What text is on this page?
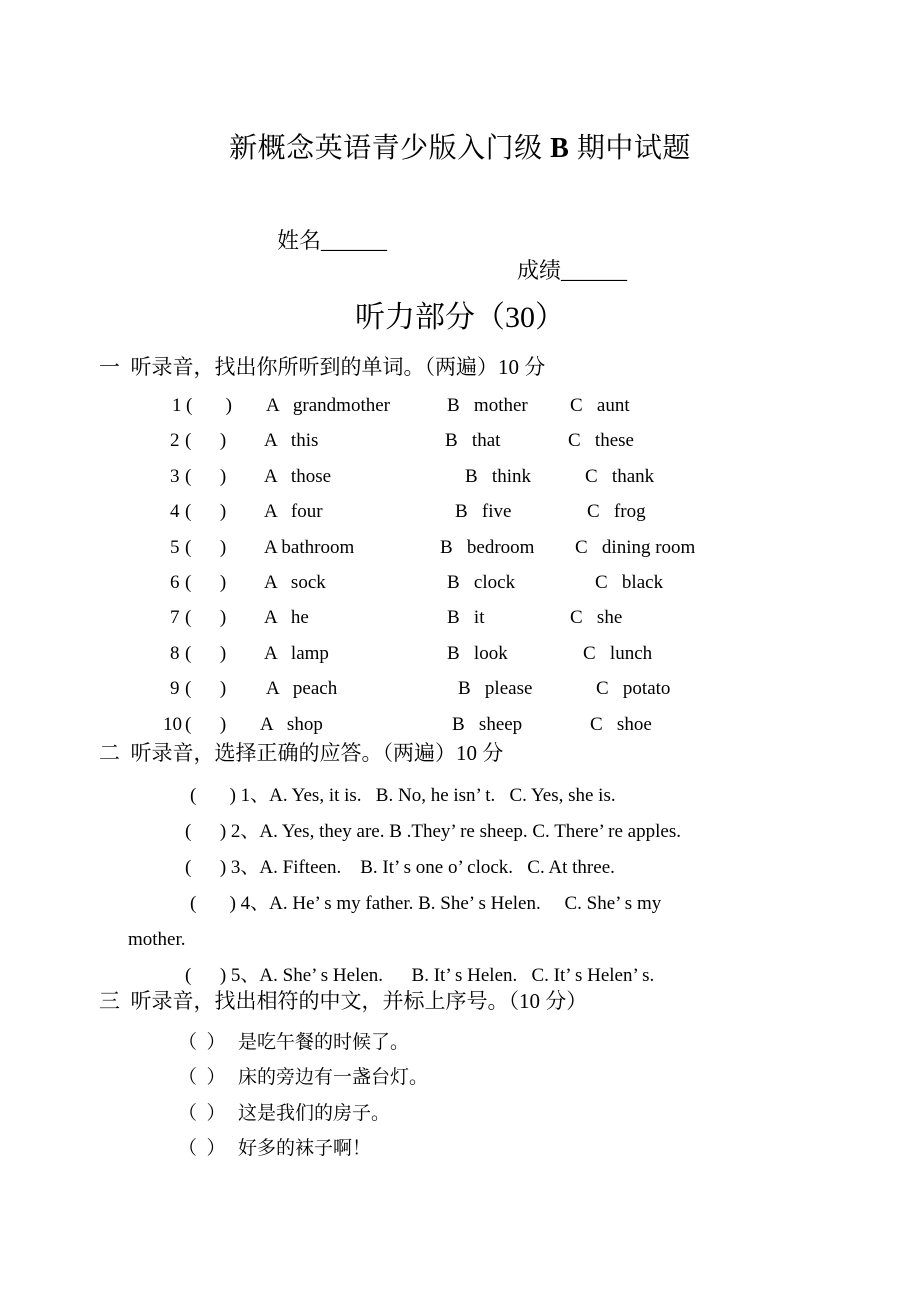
新概念英语青少版入门级 B 期中试题

姓名______

成绩______

听力部分（30）
一  听录音，找出你所听到的单词。（两遍）10 分
1 (       ) A   grandmother	B   mother C   aunt
2 (      ) A   this	B   that	C   these
3 (      ) A   those	B   think	C   thank
4 (      ) A   four	B   five	C   frog
5 (      ) A bathroom	B   bedroom C   dining room
6 (      ) A   sock	B   clock	C   black
7 (      ) A   he	B   it	C   she
8 (      ) A   lamp	B   look	C   lunch
9 (      ) A   peach	B   please	C   potato
10 (      ) A   shop	B   sheep	C   shoe
二  听录音，选择正确的应答。（两遍）10 分
(       ) 1、A. Yes, it is.   B. No, he isn’ t.   C. Yes, she is.
(      ) 2、A. Yes, they are. B .They’ re sheep. C. There’ re apples.
(      ) 3、A. Fifteen.    B. It’ s one o’ clock.   C. At three.
(       ) 4、A. He’ s my father. B. She’ s Helen.     C. She’ s my
(      ) 5、A. She’ s Helen.      B. It’ s Helen.   C. It’ s Helen’ s.
mother.
三  听录音，找出相符的中文，并标上序号。（10 分）
（  ） 是吃午餐的时候了。
（  ） 床的旁边有一盏台灯。
（  ） 这是我们的房子。
（  ） 好多的袜子啊！
